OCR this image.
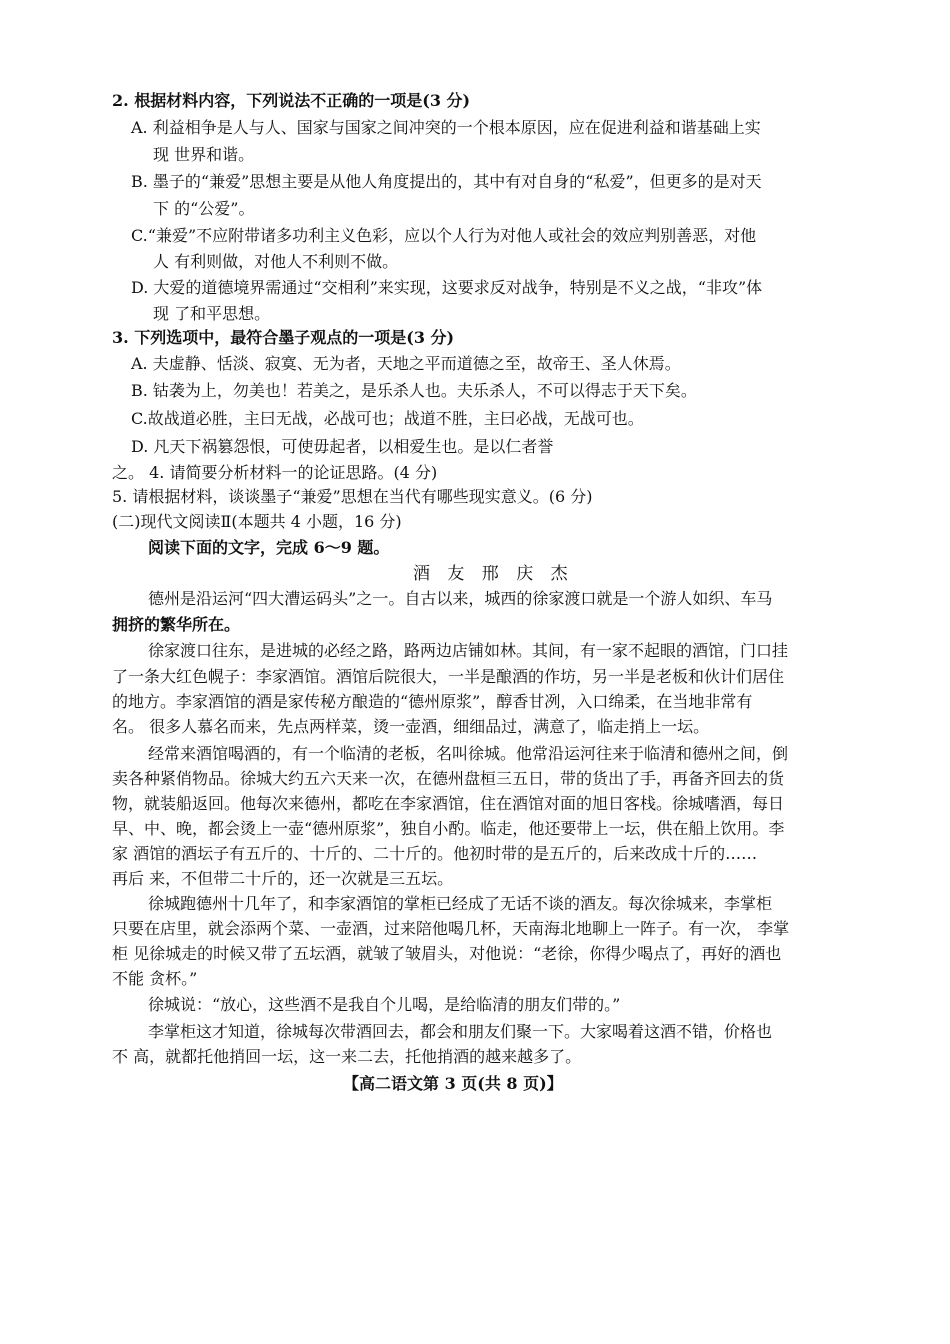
2. 根据材料内容，下列说法不正确的一项是(3 分)
A. 利益相争是人与人、国家与国家之间冲突的一个根本原因，应在促进利益和谐基础上实
现 世界和谐。
B. 墨子的“兼爱”思想主要是从他人角度提出的，其中有对自身的“私爱”，但更多的是对天
下 的“公爱”。
C.“兼爱”不应附带诸多功利主义色彩，应以个人行为对他人或社会的效应判别善恶，对他
人 有利则做，对他人不利则不做。
D. 大爱的道德境界需通过“交相利”来实现，这要求反对战争，特别是不义之战，“非攻”体
现 了和平思想。
3. 下列选项中，最符合墨子观点的一项是(3 分)
A. 夫虚静、恬淡、寂寞、无为者，天地之平而道德之至，故帝王、圣人休焉。
B. 钴袭为上，勿美也！若美之，是乐杀人也。夫乐杀人，不可以得志于天下矣。
C.故战道必胜，主曰无战，必战可也；战道不胜，主曰必战，无战可也。
D. 凡天下祸篡怨恨，可使毋起者，以相爱生也。是以仁者誉
之。 4. 请简要分析材料一的论证思路。(4 分)
5. 请根据材料，谈谈墨子“兼爱”思想在当代有哪些现实意义。(6 分)
(二)现代文阅读Ⅱ(本题共 4 小题，16 分)
阅读下面的文字，完成 6～9 题。
酒 友 邢 庆 杰
德州是沿运河“四大漕运码头”之一。自古以来，城西的徐家渡口就是一个游人如织、车马
拥挤的繁华所在。
徐家渡口往东，是进城的必经之路，路两边店铺如林。其间，有一家不起眼的酒馆，门口挂
了一条大红色幌子：李家酒馆。酒馆后院很大，一半是酿酒的作坊，另一半是老板和伙计们居住
的地方。李家酒馆的酒是家传秘方酿造的“德州原浆”，醇香甘冽，入口绵柔，在当地非常有
名。 很多人慕名而来，先点两样菜，烫一壶酒，细细品过，满意了，临走捎上一坛。
经常来酒馆喝酒的，有一个临清的老板，名叫徐城。他常沿运河往来于临清和德州之间，倒
卖各种紧俏物品。徐城大约五六天来一次，在德州盘桓三五日，带的货出了手，再备齐回去的货
物，就装船返回。他每次来德州，都吃在李家酒馆，住在酒馆对面的旭日客栈。徐城嗜酒，每日
早、中、晚，都会烫上一壶“德州原浆”，独自小酌。临走，他还要带上一坛，供在船上饮用。李
家 酒馆的酒坛子有五斤的、十斤的、二十斤的。他初时带的是五斤的，后来改成十斤的……
再后 来，不但带二十斤的，还一次就是三五坛。
徐城跑德州十几年了，和李家酒馆的掌柜已经成了无话不谈的酒友。每次徐城来，李掌柜
只要在店里，就会添两个菜、一壶酒，过来陪他喝几杯，天南海北地聊上一阵子。有一次， 李掌
柜 见徐城走的时候又带了五坛酒，就皱了皱眉头，对他说：“老徐，你得少喝点了，再好的酒也
不能 贪杯。”
徐城说：“放心，这些酒不是我自个儿喝，是给临清的朋友们带的。”
李掌柜这才知道，徐城每次带酒回去，都会和朋友们聚一下。大家喝着这酒不错，价格也
不 高，就都托他捎回一坛，这一来二去，托他捎酒的越来越多了。
【高二语文第 3 页(共 8 页)】
